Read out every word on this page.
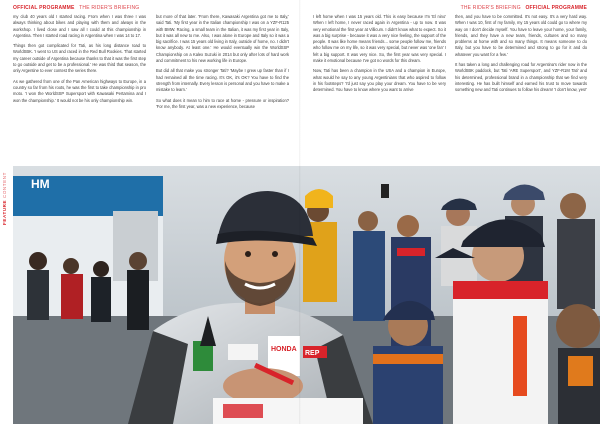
OFFICIAL PROGRAMME THE RIDER'S BRIEFING
FEATURE CONTENT

my club 40 years old I started racing. From when I was three I was always thinking about bikes and playing with them and always in the workshop. I lived close and I saw all I could at this championship in Argentina. Then I started road racing in Argentina when I was 14 to 17.

Things then got complicated for Tati, as his long distance road to WorldSBK. 'I went to US and raced in the Red Bull Rookies. That started my career outside of Argentina because thanks to that it was the first step to go outside and get to be a professional.' He was third that season, the only Argentine to ever contest the series there.

As we gathered from one of the Pan American highways to Europe, in a country so far from his roots, he was the first to take championship in pro moto. 'I won the WorldSSP Supersport with Kawasaki Pertamina and I won the championship.' It would not be his only championship win.

but more of that later. 'From there, Kawasaki Argentina got me to Italy,' said Tati. 'My first year in the Italian championship I was on a YZF-R125 with BMW. Racing, a small team in the Italian, it was my first year in Italy, but it was all new to me. Also, I was alone in Europe and Italy so it was a big sacrifice. I was 15 years old living in Italy, outside of home, no. I didn't know anybody. At least one.' He would eventually win the WorldSSP Championship on a Kalex Suzuki in 2014 but only after lots of hard work and commitment to his new working life in Europe.

But did all that make you stronger Tati? 'Maybe I grew up faster than if I had remained all the time racing. It's OK, it's OK? You have to find the strength from internally. Every lesson is personal and you have to make a mistake to learn.'

So what does it mean to him to race at home - pressure or inspiration? 'For me, the first year, was a new experience, because

THE RIDER'S BRIEFING OFFICIAL PROGRAMME

I left home when I was 15 years old. This is easy because I'm 'El nino' When I left home, I never raced again in Argentina - up to now. It was very emotional the first year at Villicum. I didn't know what to expect. So it was a big surprise - because it was a very nice feeling, the support of the people. It was like home means friends... some people follow me, friends who follow me on my life, so it was very special, but never was 'one fan' I felt a big support. It was very nice. So, the first year was very special. I make it emotional because I've got no words for this dream.

Now, Tati has been a champion in the USA and a champion in Europe, what would he say to any young Argentinians that who aspired to follow in his footsteps? 'I'd just say you play your dream. You have to be very determined. You have to know where you want to arrive

then, and you have to be committed. It's not easy. It's a very hard way. When I was 10, first of my family, my 15 years old could go to where my way on I don't decide myself. You have to leave your home, your family, friends, and they have a new team, friends, cultures and so many problems at home with and so many things. It means someone to do Italy, but you have to be determined and strong to go for it and do whatever you want for a few.'

It has taken a long and challenging road for Argentina's rider now in the WorldSBK paddock, but Tati 'ARE Supersport', and YZF-R1M Tati' and his determined, professional brand in a championship that we find very interesting. He has built himself and earned his trust to move towards something new and Tati continues to follow his dream! 'I don't know, yes!'

HM
HONDA
REP
